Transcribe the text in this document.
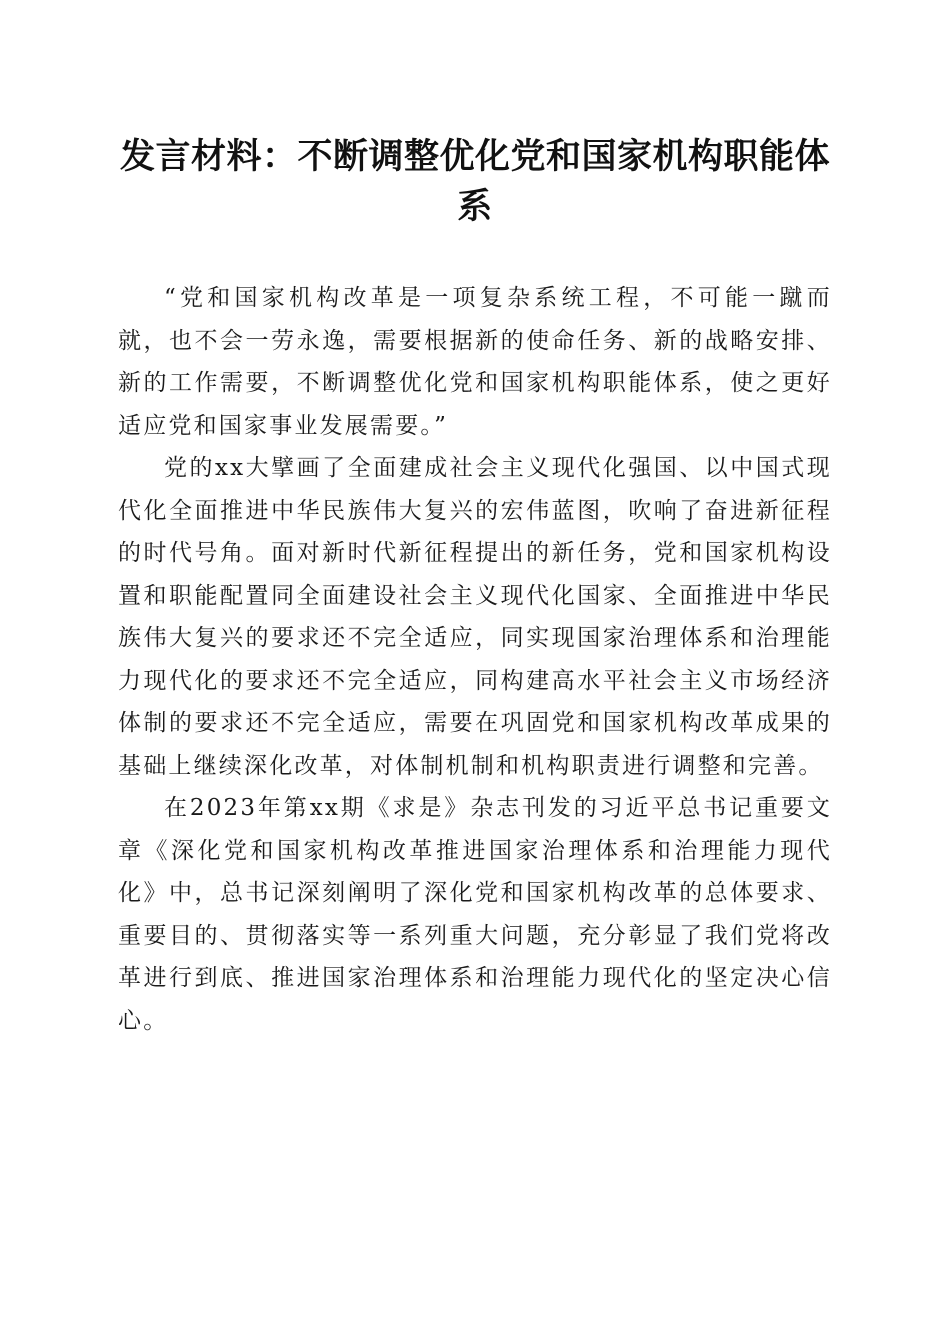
发言材料：不断调整优化党和国家机构职能体系

“党和国家机构改革是一项复杂系统工程，不可能一蹴而就，也不会一劳永逸，需要根据新的使命任务、新的战略安排、新的工作需要，不断调整优化党和国家机构职能体系，使之更好适应党和国家事业发展需要。”

党的xx大擘画了全面建成社会主义现代化强国、以中国式现代化全面推进中华民族伟大复兴的宏伟蓝图，吹响了奋进新征程的时代号角。面对新时代新征程提出的新任务，党和国家机构设置和职能配置同全面建设社会主义现代化国家、全面推进中华民族伟大复兴的要求还不完全适应，同实现国家治理体系和治理能力现代化的要求还不完全适应，同构建高水平社会主义市场经济体制的要求还不完全适应，需要在巩固党和国家机构改革成果的基础上继续深化改革，对体制机制和机构职责进行调整和完善。

在2023年第xx期《求是》杂志刊发的习近平总书记重要文章《深化党和国家机构改革推进国家治理体系和治理能力现代化》中，总书记深刻阐明了深化党和国家机构改革的总体要求、重要目的、贯彻落实等一系列重大问题，充分彰显了我们党将改革进行到底、推进国家治理体系和治理能力现代化的坚定决心信心。
